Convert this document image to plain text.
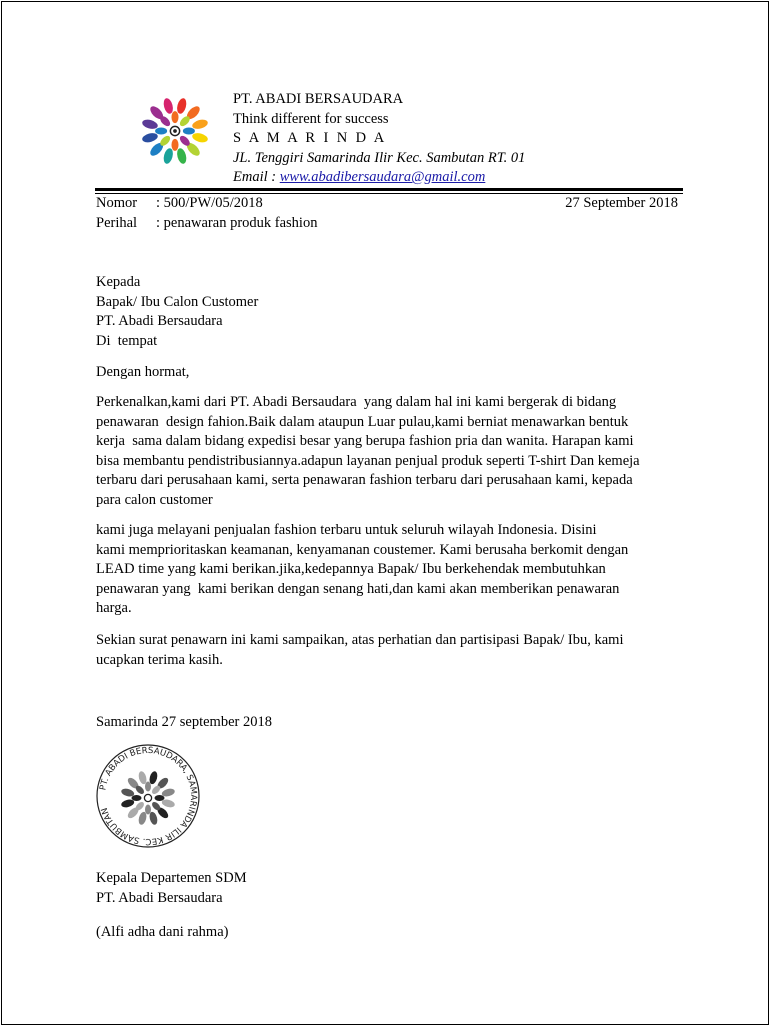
PT. ABADI BERSAUDARA
Think different for success
S A M A R I N D A
JL. Tenggiri Samarinda Ilir Kec. Sambutan RT. 01
Email : www.abadibersaudara@gmail.com
Nomor : 500/PW/05/2018	27 September 2018
Perihal : penawaran produk fashion
Kepada
Bapak/ Ibu Calon Customer
PT. Abadi Bersaudara
Di  tempat
Dengan hormat,
Perkenalkan,kami dari PT. Abadi Bersaudara  yang dalam hal ini kami bergerak di bidang
penawaran  design fahion.Baik dalam ataupun Luar pulau,kami berniat menawarkan bentuk
kerja  sama dalam bidang expedisi besar yang berupa fashion pria dan wanita. Harapan kami
bisa membantu pendistribusiannya.adapun layanan penjual produk seperti T-shirt Dan kemeja
terbaru dari perusahaan kami, serta penawaran fashion terbaru dari perusahaan kami, kepada
para calon customer
kami juga melayani penjualan fashion terbaru untuk seluruh wilayah Indonesia. Disini
kami memprioritaskan keamanan, kenyamanan coustemer. Kami berusaha berkomit dengan
LEAD time yang kami berikan.jika,kedepannya Bapak/ Ibu berkehendak membutuhkan
penawaran yang  kami berikan dengan senang hati,dan kami akan memberikan penawaran
harga.
Sekian surat penawarn ini kami sampaikan, atas perhatian dan partisipasi Bapak/ Ibu, kami
ucapkan terima kasih.
Samarinda 27 september 2018
PT. ABADI BERSAUDARA, SAMARINDA ILIR KEC. SAMBUTAN
Kepala Departemen SDM
PT. Abadi Bersaudara
(Alfi adha dani rahma)
